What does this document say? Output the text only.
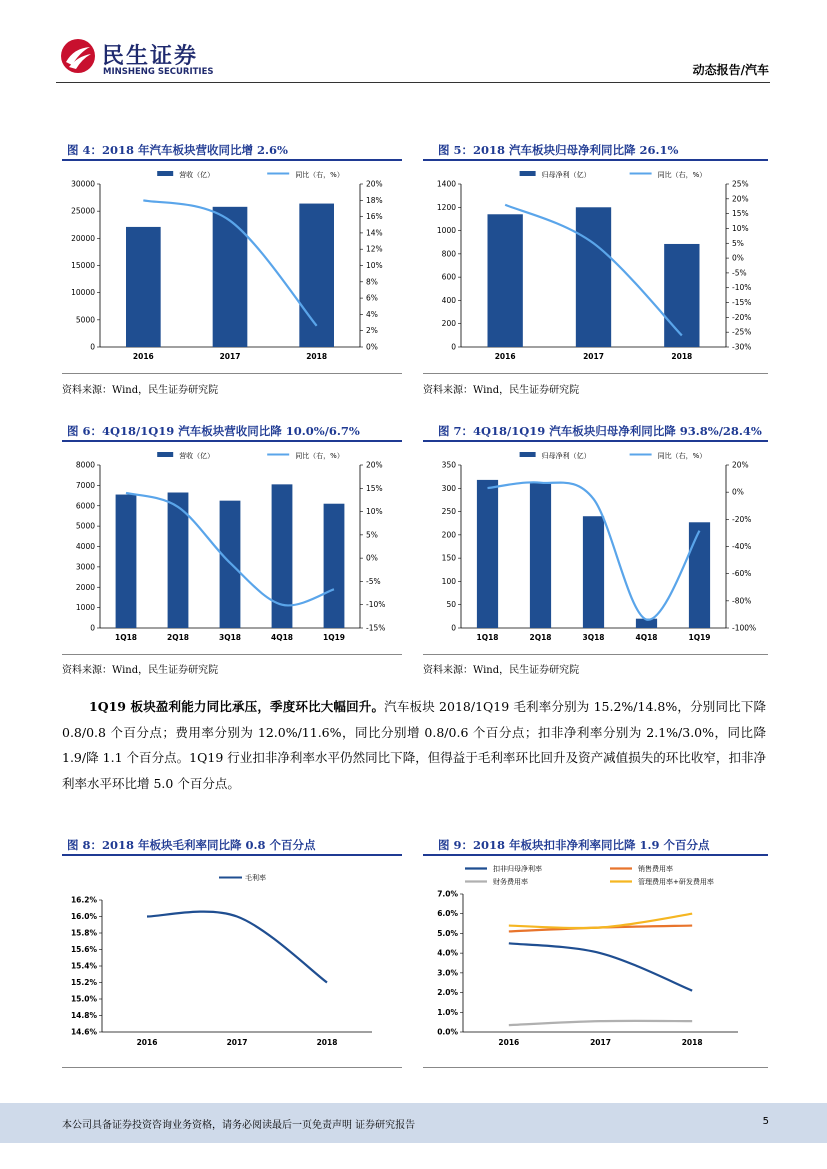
民生证券
MINSHENG SECURITIES	动态报告/汽车
图 4：2018 年汽车板块营收同比增 2.6%
营收（亿）	同比（右，%）
0
5000
10000
15000
20000
25000
30000
0%
2%
4%
6%
8%
10%
12%
14%
16%
18%
20%
2016	2017	2018
资料来源：Wind，民生证券研究院
图 5：2018 汽车板块归母净利同比降 26.1%
归母净利（亿）	同比（右，%）
0
200
400
600
800
1000
1200
1400
-30%
-25%
-20%
-15%
-10%
-5%
0%
5%
10%
15%
20%
25%
2016	2017	2018
资料来源：Wind，民生证券研究院
图 6：4Q18/1Q19 汽车板块营收同比降 10.0%/6.7%
营收（亿）	同比（右，%）
0
1000
2000
3000
4000
5000
6000
7000
8000
-15%
-10%
-5%
0%
5%
10%
15%
20%
1Q18	2Q18	3Q18	4Q18	1Q19
资料来源：Wind，民生证券研究院
图 7：4Q18/1Q19 汽车板块归母净利同比降 93.8%/28.4%
归母净利（亿）	同比（右，%）
0
50
100
150
200
250
300
350
-100%
-80%
-60%
-40%
-20%
0%
20%
1Q18	2Q18	3Q18	4Q18	1Q19
资料来源：Wind，民生证券研究院
1Q19 板块盈利能力同比承压，季度环比大幅回升。汽车板块 2018/1Q19 毛利率分别为 15.2%/14.8%，分别同比下降 0.8/0.8 个百分点；费用率分别为 12.0%/11.6%，同比分别增 0.8/0.6 个百分点；扣非净利率分别为 2.1%/3.0%，同比降 1.9/降 1.1 个百分点。1Q19 行业扣非净利率水平仍然同比下降，但得益于毛利率环比回升及资产减值损失的环比收窄，扣非净利率水平环比增 5.0 个百分点。
图 8：2018 年板块毛利率同比降 0.8 个百分点
毛利率
14.6%
14.8%
15.0%
15.2%
15.4%
15.6%
15.8%
16.0%
16.2%
2016	2017	2018
图 9：2018 年板块扣非净利率同比降 1.9 个百分点
扣非归母净利率	销售费用率
财务费用率	管理费用率+研发费用率
0.0%
1.0%
2.0%
3.0%
4.0%
5.0%
6.0%
7.0%
2016	2017	2018
本公司具备证券投资咨询业务资格，请务必阅读最后一页免责声明 证券研究报告	5
